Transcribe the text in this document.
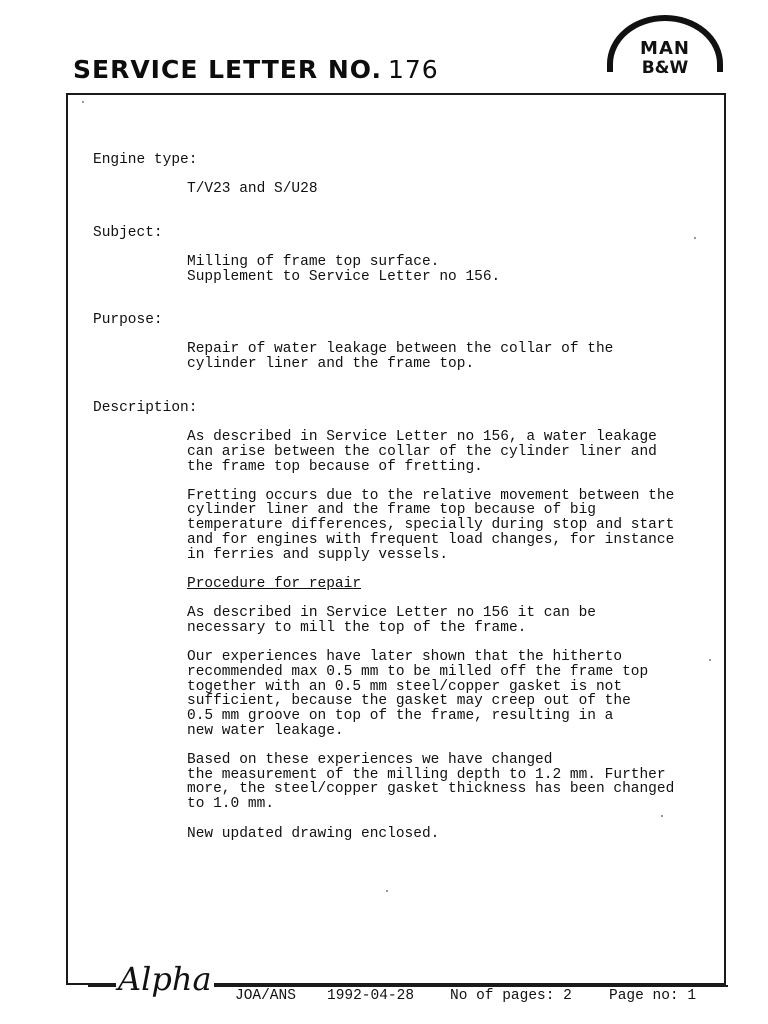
SERVICE LETTER NO. 176
MAN
B&W
Engine type:
T/V23 and S/U28
Subject:
Milling of frame top surface.
Supplement to Service Letter no 156.
Purpose:
Repair of water leakage between the collar of the
cylinder liner and the frame top.
Description:
As described in Service Letter no 156, a water leakage
can arise between the collar of the cylinder liner and
the frame top because of fretting.
Fretting occurs due to the relative movement between the
cylinder liner and the frame top because of big
temperature differences, specially during stop and start
and for engines with frequent load changes, for instance
in ferries and supply vessels.
Procedure for repair
As described in Service Letter no 156 it can be
necessary to mill the top of the frame.
Our experiences have later shown that the hitherto
recommended max 0.5 mm to be milled off the frame top
together with an 0.5 mm steel/copper gasket is not
sufficient, because the gasket may creep out of the
0.5 mm groove on top of the frame, resulting in a
new water leakage.
Based on these experiences we have changed
the measurement of the milling depth to 1.2 mm. Further
more, the steel/copper gasket thickness has been changed
to 1.0 mm.
New updated drawing enclosed.
Alpha JOA/ANS 1992-04-28 No of pages: 2	Page no: 1
